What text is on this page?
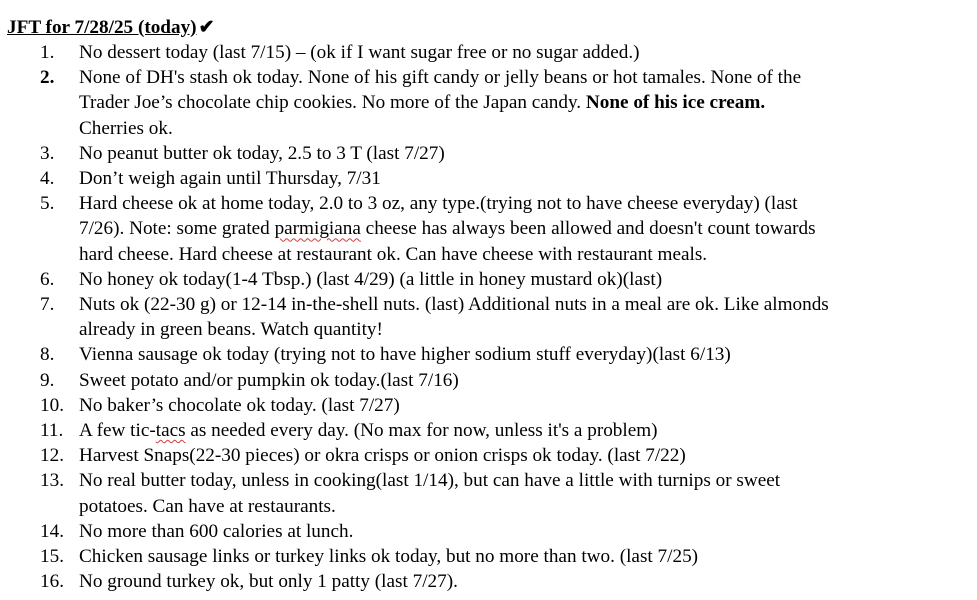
JFT for 7/28/25 (today) ✔
1.	No dessert today (last 7/15) – (ok if I want sugar free or no sugar added.)
2.	None of DH's stash ok today. None of his gift candy or jelly beans or hot tamales. None of the
Trader Joe’s chocolate chip cookies. No more of the Japan candy. None of his ice cream.
Cherries ok.
3.	No peanut butter ok today, 2.5 to 3 T (last 7/27)
4.	Don’t weigh again until Thursday, 7/31
5.	Hard cheese ok at home today, 2.0 to 3 oz, any type.(trying not to have cheese everyday) (last
7/26). Note: some grated parmigiana cheese has always been allowed and doesn't count towards
hard cheese. Hard cheese at restaurant ok. Can have cheese with restaurant meals.
6.	No honey ok today(1-4 Tbsp.) (last 4/29) (a little in honey mustard ok)(last)
7.	Nuts ok (22-30 g) or 12-14 in-the-shell nuts. (last) Additional nuts in a meal are ok. Like almonds
already in green beans. Watch quantity!
8.	Vienna sausage ok today (trying not to have higher sodium stuff everyday)(last 6/13)
9.	Sweet potato and/or pumpkin ok today.(last 7/16)
10. No baker’s chocolate ok today. (last 7/27)
11. A few tic-tacs as needed every day. (No max for now, unless it's a problem)
12. Harvest Snaps(22-30 pieces) or okra crisps or onion crisps ok today. (last 7/22)
13. No real butter today, unless in cooking(last 1/14), but can have a little with turnips or sweet
potatoes. Can have at restaurants.
14. No more than 600 calories at lunch.
15. Chicken sausage links or turkey links ok today, but no more than two. (last 7/25)
16. No ground turkey ok, but only 1 patty (last 7/27).
